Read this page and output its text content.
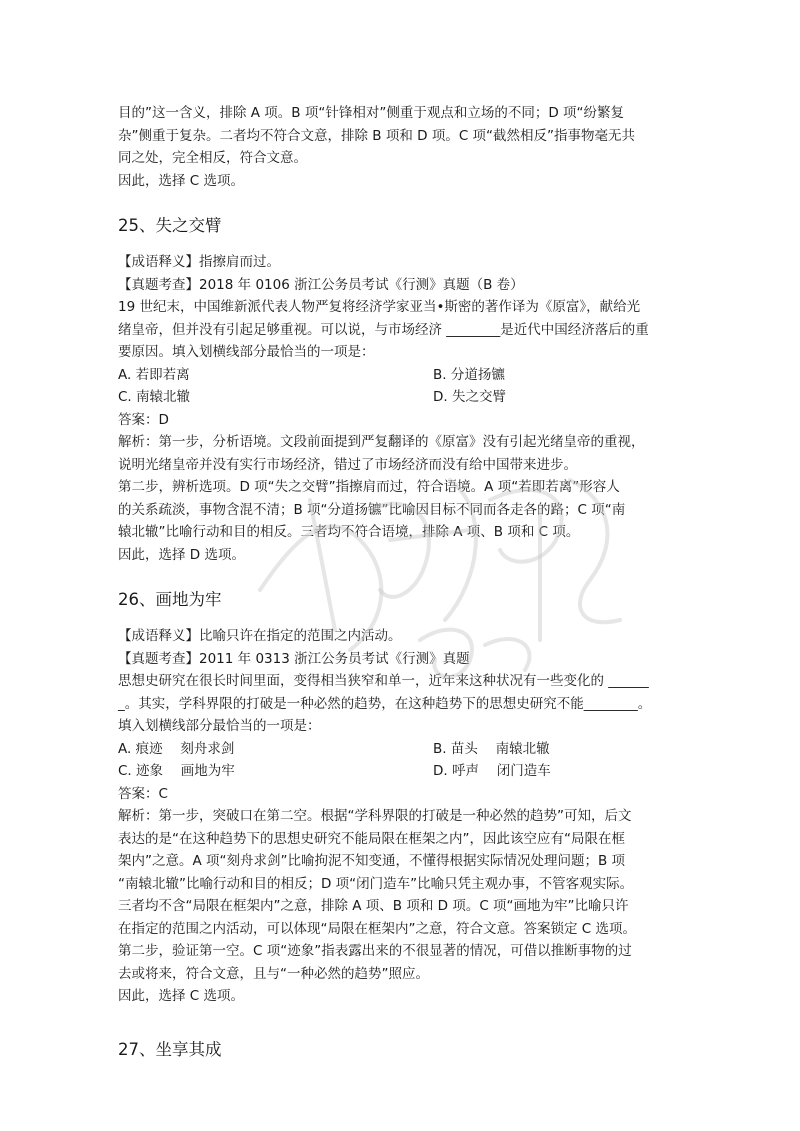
目的”这一含义，排除 A 项。B 项“针锋相对”侧重于观点和立场的不同；D 项“纷繁复

杂”侧重于复杂。二者均不符合文意，排除 B 项和 D 项。C 项“截然相反”指事物毫无共

同之处，完全相反，符合文意。

因此，选择 C 选项。

25、失之交臂

【成语释义】指擦肩而过。

【真题考查】2018 年 0106 浙江公务员考试《行测》真题（B 卷）

19 世纪末，中国维新派代表人物严复将经济学家亚当•斯密的著作译为《原富》，献给光

绪皇帝，但并没有引起足够重视。可以说，与市场经济 ________是近代中国经济落后的重

要原因。填入划横线部分最恰当的一项是：

A. 若即若离	B. 分道扬镳

C. 南辕北辙	D. 失之交臂

答案：D

解析：第一步，分析语境。文段前面提到严复翻译的《原富》没有引起光绪皇帝的重视，

说明光绪皇帝并没有实行市场经济，错过了市场经济而没有给中国带来进步。

第二步，辨析选项。D 项“失之交臂”指擦肩而过，符合语境。A 项“若即若离”形容人

的关系疏淡，事物含混不清；B 项“分道扬镳”比喻因目标不同而各走各的路；C 项“南

辕北辙”比喻行动和目的相反。三者均不符合语境，排除 A 项、B 项和 C 项。

因此，选择 D 选项。

26、画地为牢

【成语释义】比喻只许在指定的范围之内活动。

【真题考查】2011 年 0313 浙江公务员考试《行测》真题

思想史研究在很长时间里面，变得相当狭窄和单一，近年来这种状况有一些变化的 ______

_。其实，学科界限的打破是一种必然的趋势，在这种趋势下的思想史研究不能________。

填入划横线部分最恰当的一项是：

A. 痕迹　 刻舟求剑	B. 苗头　 南辕北辙

C. 迹象　 画地为牢	D. 呼声　 闭门造车

答案：C

解析：第一步，突破口在第二空。根据“学科界限的打破是一种必然的趋势”可知，后文

表达的是“在这种趋势下的思想史研究不能局限在框架之内”，因此该空应有“局限在框

架内”之意。A 项“刻舟求剑”比喻拘泥不知变通，不懂得根据实际情况处理问题；B 项

“南辕北辙”比喻行动和目的相反；D 项“闭门造车”比喻只凭主观办事，不管客观实际。

三者均不含“局限在框架内”之意，排除 A 项、B 项和 D 项。C 项“画地为牢”比喻只许

在指定的范围之内活动，可以体现“局限在框架内”之意，符合文意。答案锁定 C 选项。

第二步，验证第一空。C 项“迹象”指表露出来的不很显著的情况，可借以推断事物的过

去或将来，符合文意，且与“一种必然的趋势”照应。

因此，选择 C 选项。

27、坐享其成
